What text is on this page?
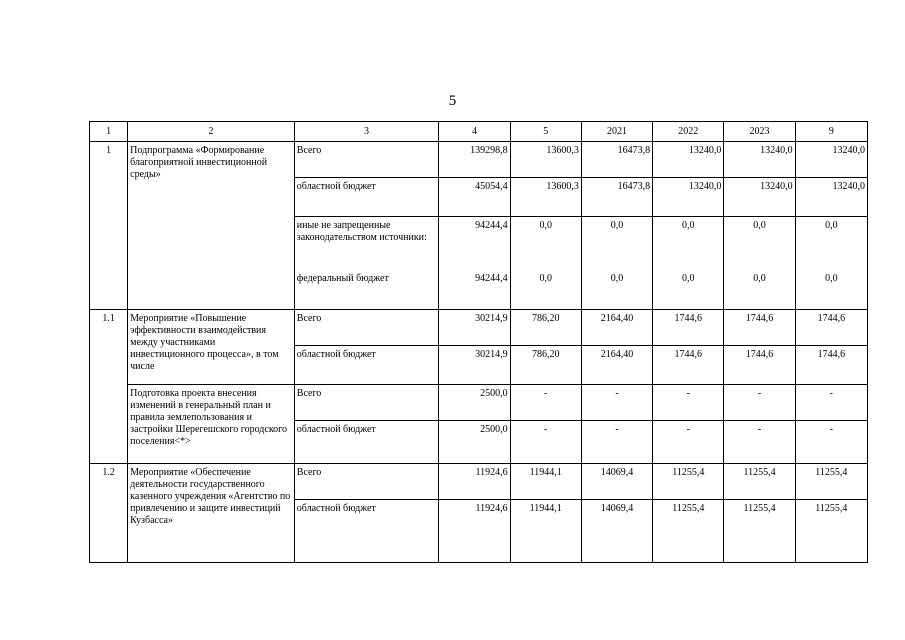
5
1	2	3	4	5	2021	2022	2023	9
1	Подпрограмма «Формирование благоприятной инвестиционной среды»	Всего	139298,8	13600,3	16473,8	13240,0	13240,0	13240,0
		областной бюджет	45054,4	13600,3	16473,8	13240,0	13240,0	13240,0
		иные не запрещенные законодательством источники:	94244,4	0,0	0,0	0,0	0,0	0,0
		федеральный бюджет	94244,4	0,0	0,0	0,0	0,0	0,0
1.1	Мероприятие «Повышение эффективности взаимодействия между участниками инвестиционного процесса», в том числе	Всего	30214,9	786,20	2164,40	1744,6	1744,6	1744,6
		областной бюджет	30214,9	786,20	2164,40	1744,6	1744,6	1744,6
	Подготовка проекта внесения изменений в генеральный план и правила землепользования и застройки Шерегешского городского поселения<*>	Всего	2500,0	-	-	-	-	-
		областной бюджет	2500,0	-	-	-	-	-
1.2	Мероприятие «Обеспечение деятельности государственного казенного учреждения «Агентство по привлечению и защите инвестиций Кузбасса»	Всего	11924,6	11944,1	14069,4	11255,4	11255,4	11255,4
		областной бюджет	11924,6	11944,1	14069,4	11255,4	11255,4	11255,4
